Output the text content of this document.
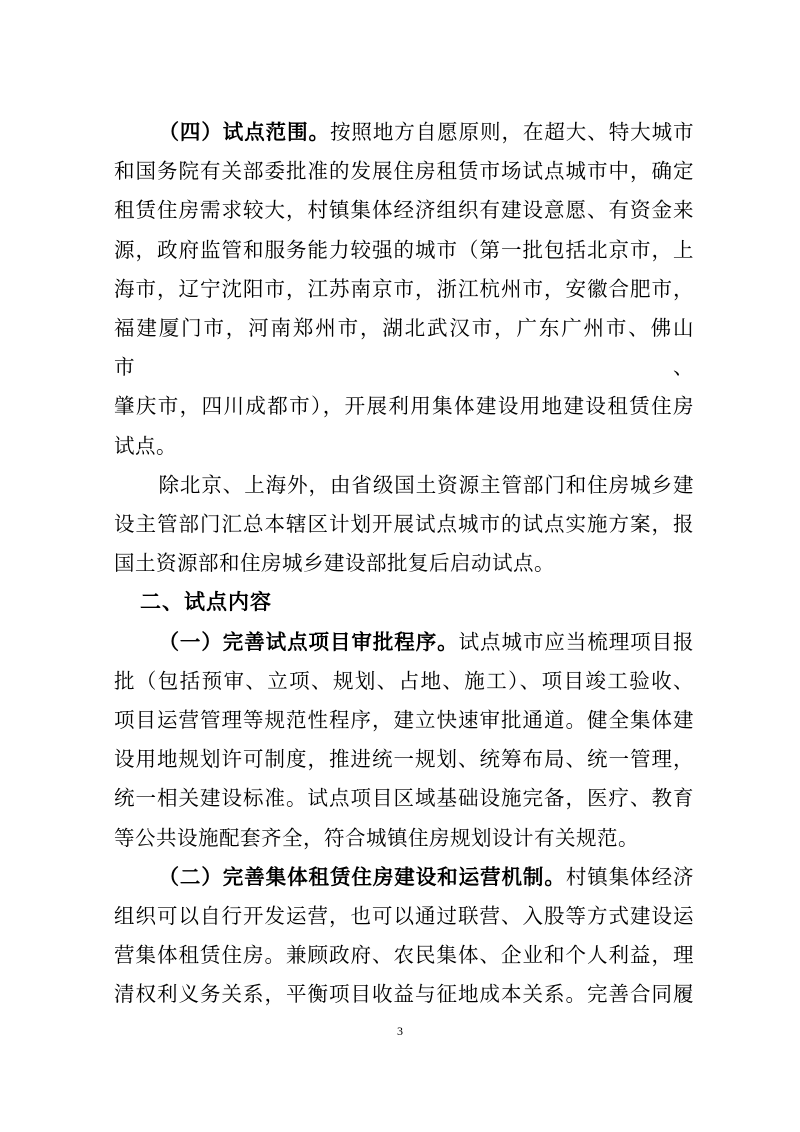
（四）试点范围。按照地方自愿原则，在超大、特大城市
和国务院有关部委批准的发展住房租赁市场试点城市中，确定
租赁住房需求较大，村镇集体经济组织有建设意愿、有资金来
源，政府监管和服务能力较强的城市（第一批包括北京市，上
海市，辽宁沈阳市，江苏南京市，浙江杭州市，安徽合肥市，
福建厦门市，河南郑州市，湖北武汉市，广东广州市、佛山市、
肇庆市，四川成都市），开展利用集体建设用地建设租赁住房
试点。
除北京、上海外，由省级国土资源主管部门和住房城乡建
设主管部门汇总本辖区计划开展试点城市的试点实施方案，报
国土资源部和住房城乡建设部批复后启动试点。
二、试点内容
（一）完善试点项目审批程序。试点城市应当梳理项目报
批（包括预审、立项、规划、占地、施工）、项目竣工验收、
项目运营管理等规范性程序，建立快速审批通道。健全集体建
设用地规划许可制度，推进统一规划、统筹布局、统一管理，
统一相关建设标准。试点项目区域基础设施完备，医疗、教育
等公共设施配套齐全，符合城镇住房规划设计有关规范。
（二）完善集体租赁住房建设和运营机制。村镇集体经济
组织可以自行开发运营，也可以通过联营、入股等方式建设运
营集体租赁住房。兼顾政府、农民集体、企业和个人利益，理
清权利义务关系，平衡项目收益与征地成本关系。完善合同履
3
